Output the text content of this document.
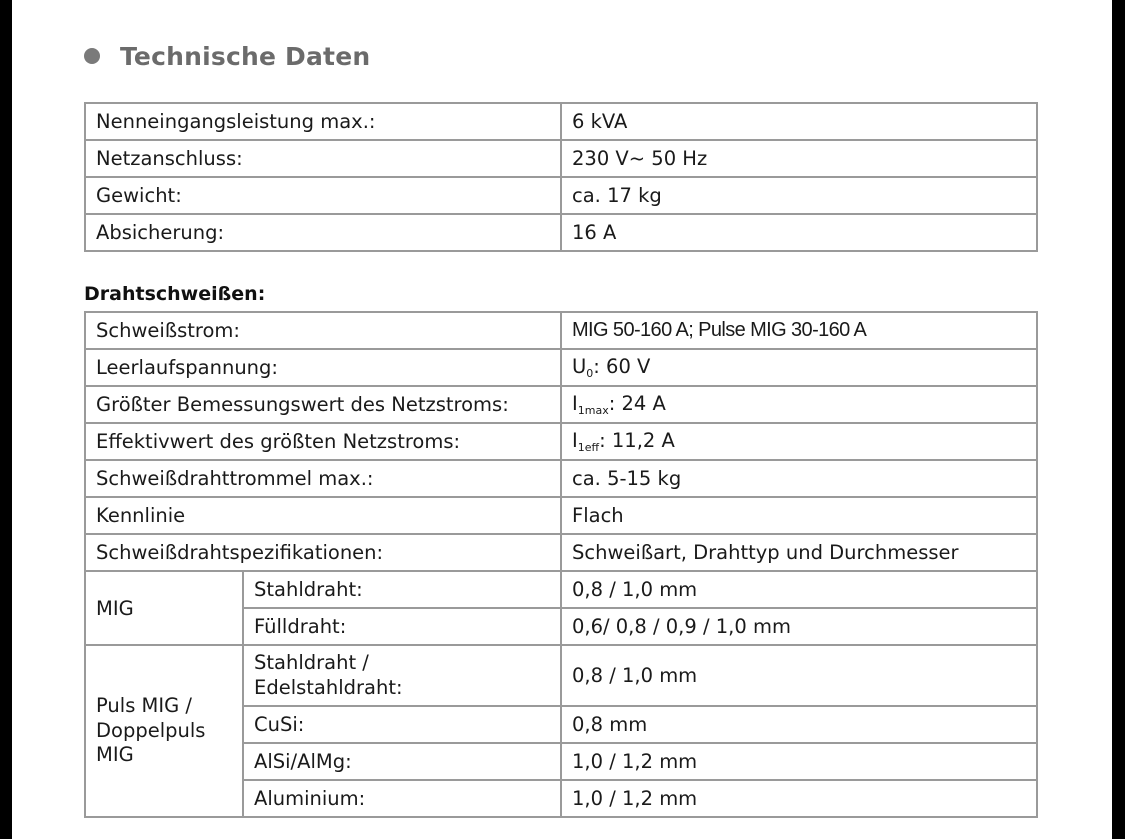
Technische Daten
Nenneingangsleistung max.:	6 kVA
Netzanschluss:	230 V~ 50 Hz
Gewicht:	ca. 17 kg
Absicherung:	16 A
Drahtschweißen:
Schweißstrom:		MIG 50-160 A; Pulse MIG 30-160 A
Leerlaufspannung:		$U_0$: 60 V
Größter Bemessungswert des Netzstroms:		$I_{1max}$: 24 A
Effektivwert des größten Netzstroms:		$I_{1eff}$: 11,2 A
Schweißdrahttrommel max.:		ca. 5-15 kg
Kennlinie		Flach
Schweißdrahtspezifikationen:		Schweißart, Drahttyp und Durchmesser
MIG	Stahldraht:	0,8 / 1,0 mm
	Fülldraht:	0,6/ 0,8 / 0,9 / 1,0 mm
Puls MIG / Doppelpuls MIG	Stahldraht / Edelstahldraht:	0,8 / 1,0 mm
	CuSi:	0,8 mm
	AlSi/AlMg:	1,0 / 1,2 mm
	Aluminium:	1,0 / 1,2 mm
